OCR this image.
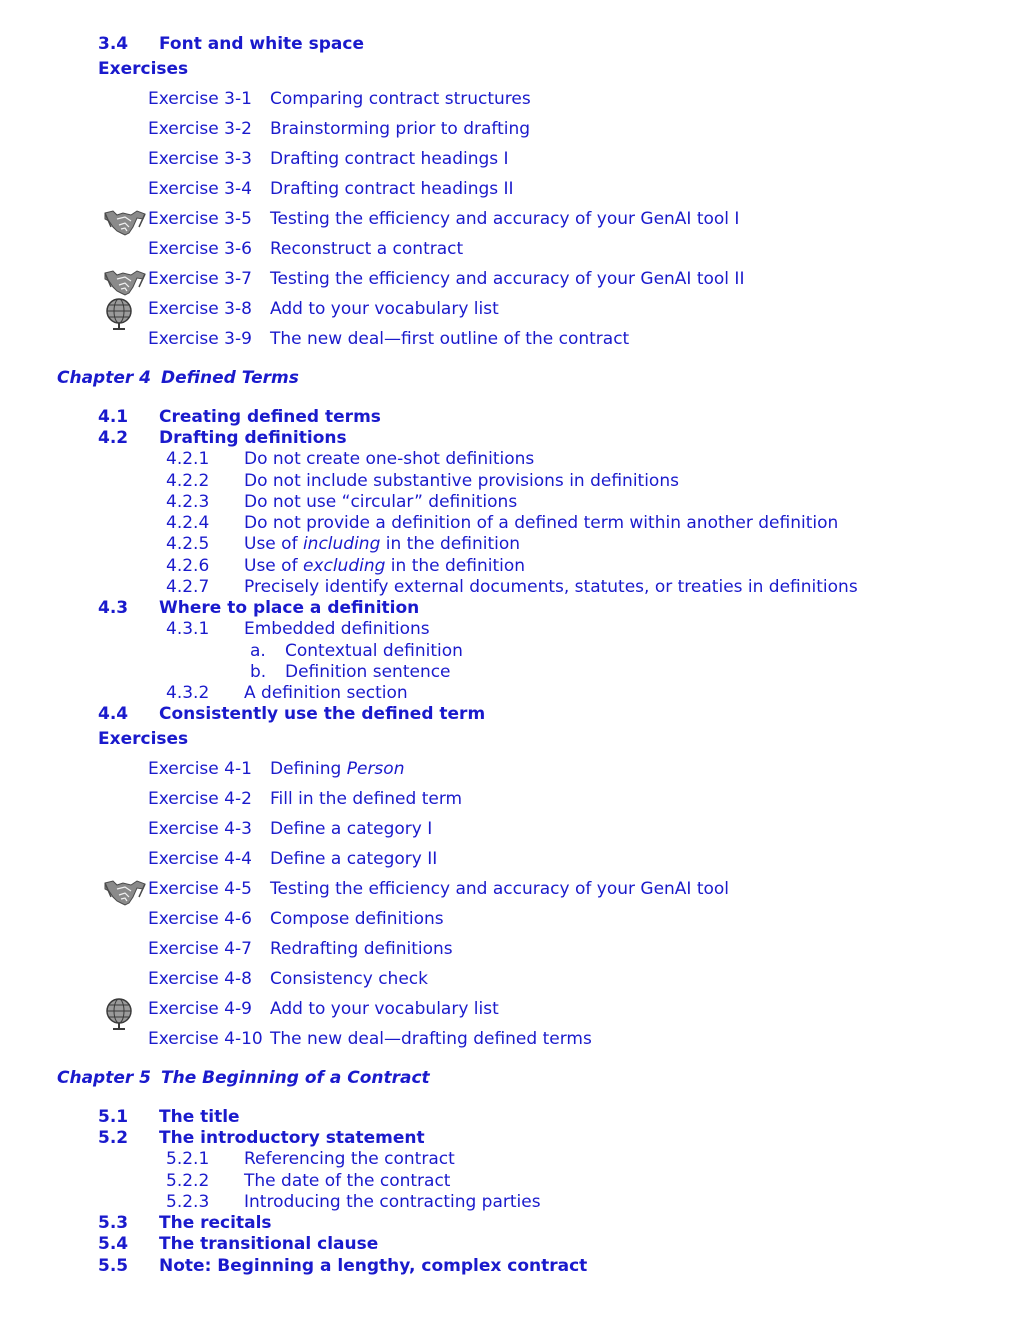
3.4 Font and white space
Exercises
Exercise 3-1 Comparing contract structures
Exercise 3-2 Brainstorming prior to drafting
Exercise 3-3 Drafting contract headings I
Exercise 3-4 Drafting contract headings II
Exercise 3-5 Testing the efficiency and accuracy of your GenAI tool I
Exercise 3-6 Reconstruct a contract
Exercise 3-7 Testing the efficiency and accuracy of your GenAI tool II
Exercise 3-8 Add to your vocabulary list
Exercise 3-9 The new deal—first outline of the contract
Chapter 4 Defined Terms
4.1 Creating defined terms
4.2 Drafting definitions
4.2.1 Do not create one-shot definitions
4.2.2 Do not include substantive provisions in definitions
4.2.3 Do not use “circular” definitions
4.2.4 Do not provide a definition of a defined term within another definition
4.2.5 Use of including in the definition
4.2.6 Use of excluding in the definition
4.2.7 Precisely identify external documents, statutes, or treaties in definitions
4.3 Where to place a definition
4.3.1 Embedded definitions
a. Contextual definition
b. Definition sentence
4.3.2 A definition section
4.4 Consistently use the defined term
Exercises
Exercise 4-1 Defining Person
Exercise 4-2 Fill in the defined term
Exercise 4-3 Define a category I
Exercise 4-4 Define a category II
Exercise 4-5 Testing the efficiency and accuracy of your GenAI tool
Exercise 4-6 Compose definitions
Exercise 4-7 Redrafting definitions
Exercise 4-8 Consistency check
Exercise 4-9 Add to your vocabulary list
Exercise 4-10 The new deal—drafting defined terms
Chapter 5 The Beginning of a Contract
5.1 The title
5.2 The introductory statement
5.2.1 Referencing the contract
5.2.2 The date of the contract
5.2.3 Introducing the contracting parties
5.3 The recitals
5.4 The transitional clause
5.5 Note: Beginning a lengthy, complex contract
